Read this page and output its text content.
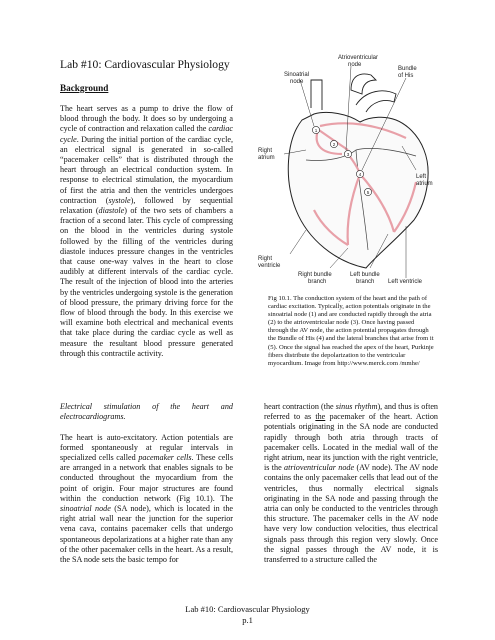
Lab #10: Cardiovascular Physiology
Background

The heart serves as a pump to drive the flow of blood through the body. It does so by undergoing a cycle of contraction and relaxation called the cardiac cycle. During the initial portion of the cardiac cycle, an electrical signal is generated in so-called “pacemaker cells” that is distributed through the heart through an electrical conduction system. In response to electrical stimulation, the myocardium of first the atria and then the ventricles undergoes contraction (systole), followed by sequential relaxation (diastole) of the two sets of chambers a fraction of a second later. This cycle of compressing on the blood in the ventricles during systole followed by the filling of the ventricles during diastole induces pressure changes in the ventricles that cause one-way valves in the heart to close audibly at different intervals of the cardiac cycle. The result of the injection of blood into the arteries by the ventricles undergoing systole is the generation of blood pressure, the primary driving force for the flow of blood through the body. In this exercise we will examine both electrical and mechanical events that take place during the cardiac cycle as well as measure the resultant blood pressure generated through this contractile activity.

Electrical stimulation of the heart and electrocardiograms.

The heart is auto-excitatory. Action potentials are formed spontaneously at regular intervals in specialized cells called pacemaker cells. These cells are arranged in a network that enables signals to be conducted throughout the myocardium from the point of origin. Four major structures are found within the conduction network (Fig 10.1). The sinoatrial node (SA node), which is located in the right atrial wall near the junction for the superior vena cava, contains pacemaker cells that undergo spontaneous depolarizations at a higher rate than any of the other pacemaker cells in the heart. As a result, the SA node sets the basic tempo for

heart contraction (the sinus rhythm), and thus is often referred to as the pacemaker of the heart. Action potentials originating in the SA node are conducted rapidly through both atria through tracts of pacemaker cells. Located in the medial wall of the right atrium, near its junction with the right ventricle, is the atrioventricular node (AV node). The AV node contains the only pacemaker cells that lead out of the ventricles, thus normally electrical signals originating in the SA node and passing through the atria can only be conducted to the ventricles through this structure. The pacemaker cells in the AV node have very low conduction velocities, thus electrical signals pass through this region very slowly. Once the signal passes through the AV node, it is transferred to a structure called the

1
2
3
4
5
Sinoatrial
node
Atrioventricular
node
Bundle
of His
Right
atrium
Left
atrium
Right
ventricle
Right bundle
branch
Left bundle
branch Left ventricle
Fig 10.1. The conduction system of the heart and the path of cardiac excitation. Typically, action potentials originate in the sinoatrial node (1) and are conducted rapidly through the atria (2) to the atrioventricular node (3). Once having passed through the AV node, the action potential propagates through the Bundle of His (4) and the lateral branches that arise from it (5). Once the signal has reached the apex of the heart, Purkinje fibers distribute the depolarization to the ventricular myocardium. Image from http://www.merck.com /mmhe/
Lab #10: Cardiovascular Physiology
p.1
